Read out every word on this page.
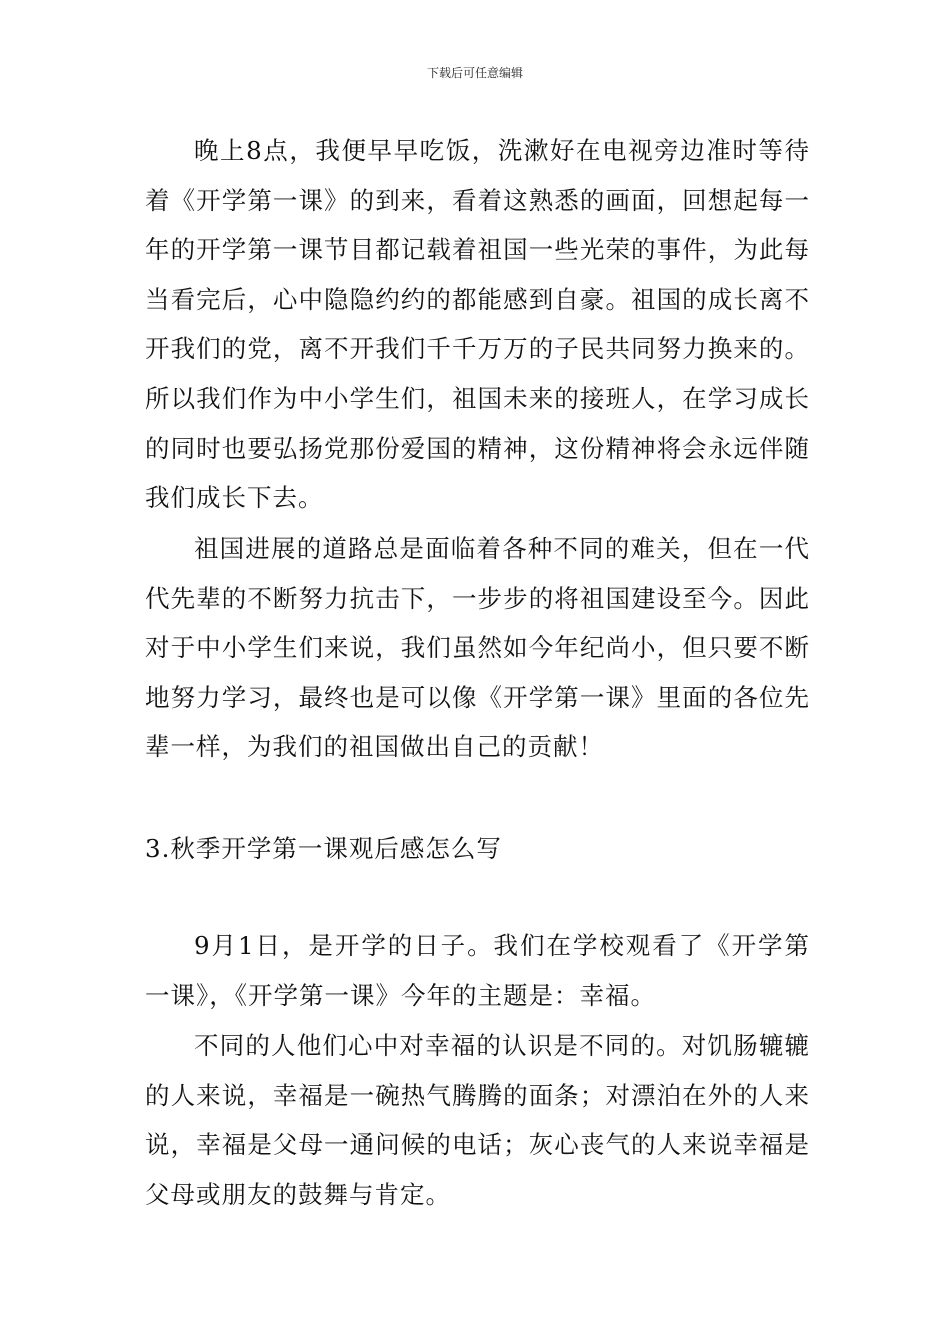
下载后可任意编辑

晚上8点，我便早早吃饭，洗漱好在电视旁边准时等待着《开学第一课》的到来，看着这熟悉的画面，回想起每一年的开学第一课节目都记载着祖国一些光荣的事件，为此每当看完后，心中隐隐约约的都能感到自豪。祖国的成长离不开我们的党，离不开我们千千万万的子民共同努力换来的。所以我们作为中小学生们，祖国未来的接班人，在学习成长的同时也要弘扬党那份爱国的精神，这份精神将会永远伴随我们成长下去。

祖国进展的道路总是面临着各种不同的难关，但在一代代先辈的不断努力抗击下，一步步的将祖国建设至今。因此对于中小学生们来说，我们虽然如今年纪尚小，但只要不断地努力学习，最终也是可以像《开学第一课》里面的各位先辈一样，为我们的祖国做出自己的贡献！

3.秋季开学第一课观后感怎么写

9月1日，是开学的日子。我们在学校观看了《开学第一课》，《开学第一课》今年的主题是：幸福。

不同的人他们心中对幸福的认识是不同的。对饥肠辘辘的人来说，幸福是一碗热气腾腾的面条；对漂泊在外的人来说，幸福是父母一通问候的电话；灰心丧气的人来说幸福是父母或朋友的鼓舞与肯定。
